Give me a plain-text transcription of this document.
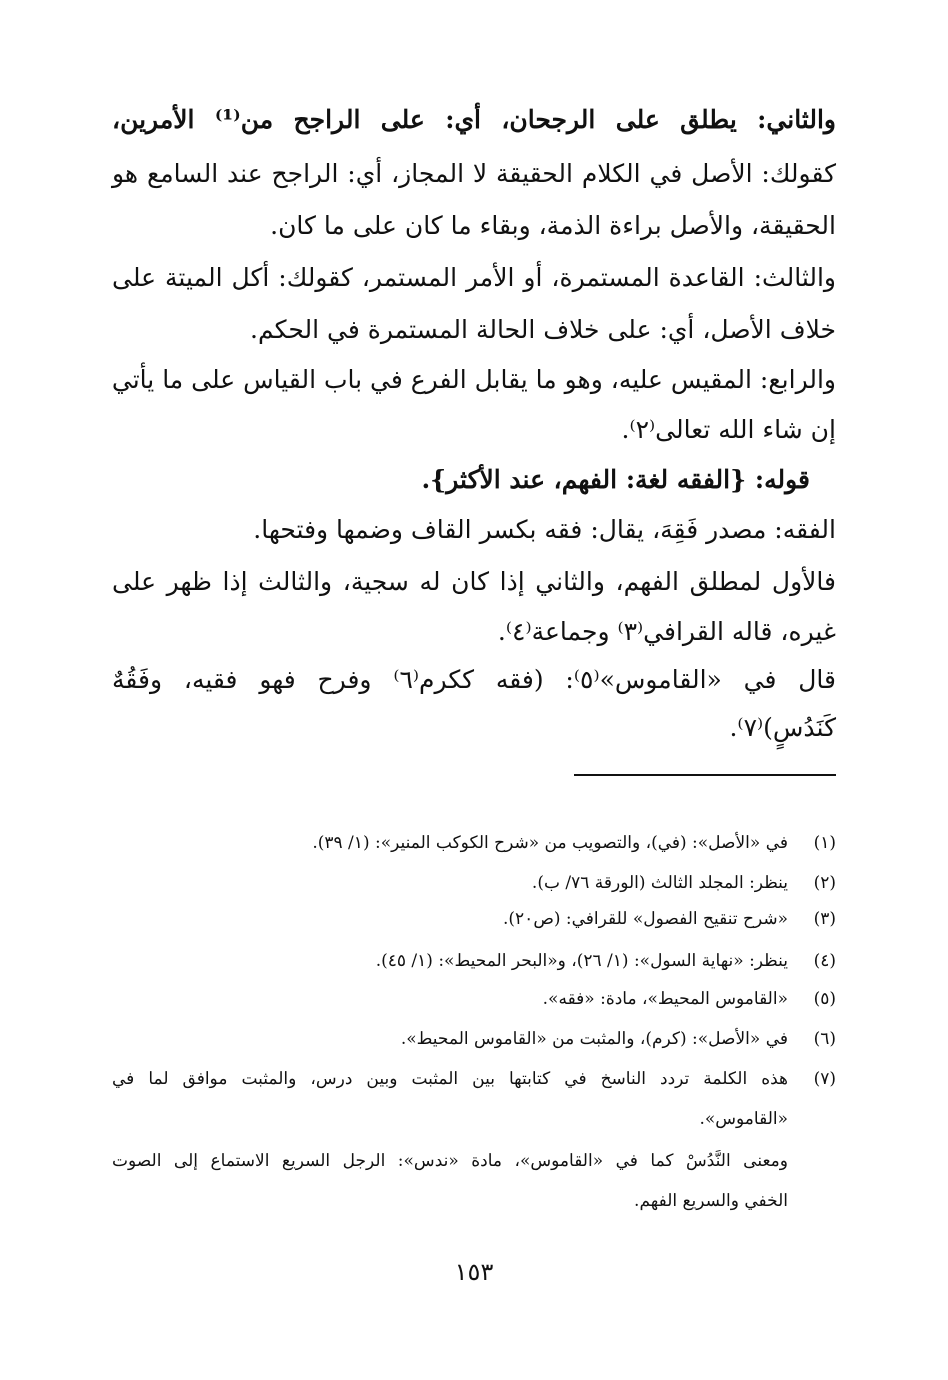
والثاني: يطلق على الرجحان، أي: على الراجح من⁽¹⁾ الأمرين،
كقولك: الأصل في الكلام الحقيقة لا المجاز، أي: الراجح عند السامع هو
الحقيقة، والأصل براءة الذمة، وبقاء ما كان على ما كان.
والثالث: القاعدة المستمرة، أو الأمر المستمر، كقولك: أكل الميتة على
خلاف الأصل، أي: على خلاف الحالة المستمرة في الحكم.
والرابع: المقيس عليه، وهو ما يقابل الفرع في باب القياس على ما يأتي
إن شاء الله تعالى⁽٢⁾.
قوله: {الفقه لغة: الفهم، عند الأكثر}.
الفقه: مصدر فَقِهَ، يقال: فقه بكسر القاف وضمها وفتحها.
فالأول لمطلق الفهم، والثاني إذا كان له سجية، والثالث إذا ظهر على
غيره، قاله القرافي⁽٣⁾ وجماعة⁽٤⁾.
قال في «القاموس»⁽٥⁾: (فقه ككرم⁽٦⁾ وفرح فهو فقيه، وفَقُهٌ
كَنَدُسٍ)⁽٧⁾.
(١)
في «الأصل»: (في)، والتصويب من «شرح الكوكب المنير»: (١/ ٣٩).
(٢)
ينظر: المجلد الثالث (الورقة ٧٦/ ب).
(٣)
«شرح تنقيح الفصول» للقرافي: (ص٢٠).
(٤)
ينظر: «نهاية السول»: (١/ ٢٦)، و«البحر المحيط»: (١/ ٤٥).
(٥)
«القاموس المحيط»، مادة: «فقه».
(٦)
في «الأصل»: (كرم)، والمثبت من «القاموس المحيط».
(٧)
هذه الكلمة تردد الناسخ في كتابتها بين المثبت وبين درس، والمثبت موافق لما في
«القاموس».
ومعنى النَّدُسْ كما في «القاموس»، مادة «ندس»: الرجل السريع الاستماع إلى الصوت
الخفي والسريع الفهم.
١٥٣
